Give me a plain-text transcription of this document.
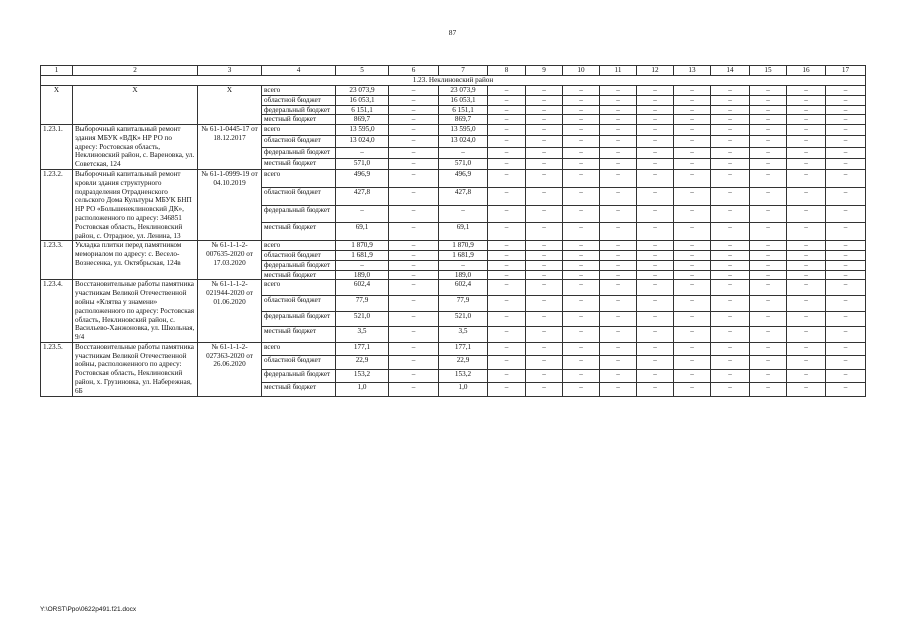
87
1	2	3	4	5	6	7	8	9	10	11	12	13	14	15	16	17
1.23. Неклиновский район																
X	X	X	всего	23 073,9	–	23 073,9	–	–	–	–	–	–	–	–	–	–
			областной бюджет	16 053,1	–	16 053,1	–	–	–	–	–	–	–	–	–	–
			федеральный бюджет	6 151,1	–	6 151,1	–	–	–	–	–	–	–	–	–	–
			местный бюджет	869,7	–	869,7	–	–	–	–	–	–	–	–	–	–
1.23.1.	Выборочный капитальный ремонт здания МБУК «ВДК» НР РО по адресу: Ростовская область, Неклиновский район, с. Вареновка, ул. Советская, 124	№ 61-1-0445-17 от 18.12.2017	всего	13 595,0	–	13 595,0	–	–	–	–	–	–	–	–	–	–
			областной бюджет	13 024,0	–	13 024,0	–	–	–	–	–	–	–	–	–	–
			федеральный бюджет	–	–	–	–	–	–	–	–	–	–	–	–	–
			местный бюджет	571,0	–	571,0	–	–	–	–	–	–	–	–	–	–
1.23.2.	Выборочный капитальный ремонт кровли здания структурного подразделения Отрадненского сельского Дома Культуры МБУК БНП НР РО «Большенеклиновский ДК», расположенного по адресу: 346851 Ростовская область, Неклиновский район, с. Отрадное, ул. Ленина, 13	№ 61-1-0999-19 от 04.10.2019	всего	496,9	–	496,9	–	–	–	–	–	–	–	–	–	–
			областной бюджет	427,8	–	427,8	–	–	–	–	–	–	–	–	–	–
			федеральный бюджет	–	–	–	–	–	–	–	–	–	–	–	–	–
			местный бюджет	69,1	–	69,1	–	–	–	–	–	–	–	–	–	–
1.23.3.	Укладка плитки перед памятником мемориалом по адресу: с. Весело-Вознесенка, ул. Октябрьская, 124в	№ 61-1-1-2-007635-2020 от 17.03.2020	всего	1 870,9	–	1 870,9	–	–	–	–	–	–	–	–	–	–
			областной бюджет	1 681,9	–	1 681,9	–	–	–	–	–	–	–	–	–	–
			федеральный бюджет	–	–	–	–	–	–	–	–	–	–	–	–	–
			местный бюджет	189,0	–	189,0	–	–	–	–	–	–	–	–	–	–
1.23.4.	Восстановительные работы памятника участникам Великой Отечественной войны «Клятва у знамени» расположенного по адресу: Ростовская область, Неклиновский район, с. Васильево-Ханжоновка, ул. Школьная, 9/4	№ 61-1-1-2-021944-2020 от 01.06.2020	всего	602,4	–	602,4	–	–	–	–	–	–	–	–	–	–
			областной бюджет	77,9	–	77,9	–	–	–	–	–	–	–	–	–	–
			федеральный бюджет	521,0	–	521,0	–	–	–	–	–	–	–	–	–	–
			местный бюджет	3,5	–	3,5	–	–	–	–	–	–	–	–	–	–
1.23.5.	Восстановительные работы памятника участникам Великой Отечественной войны, расположенного по адресу: Ростовская область, Неклиновский район, х. Грузиновка, ул. Набережная, 6Б	№ 61-1-1-2-027363-2020 от 26.06.2020	всего	177,1	–	177,1	–	–	–	–	–	–	–	–	–	–
			областной бюджет	22,9	–	22,9	–	–	–	–	–	–	–	–	–	–
			федеральный бюджет	153,2	–	153,2	–	–	–	–	–	–	–	–	–	–
			местный бюджет	1,0	–	1,0	–	–	–	–	–	–	–	–	–	–
Y:\ORST\Ppo\0622p491.f21.docx
